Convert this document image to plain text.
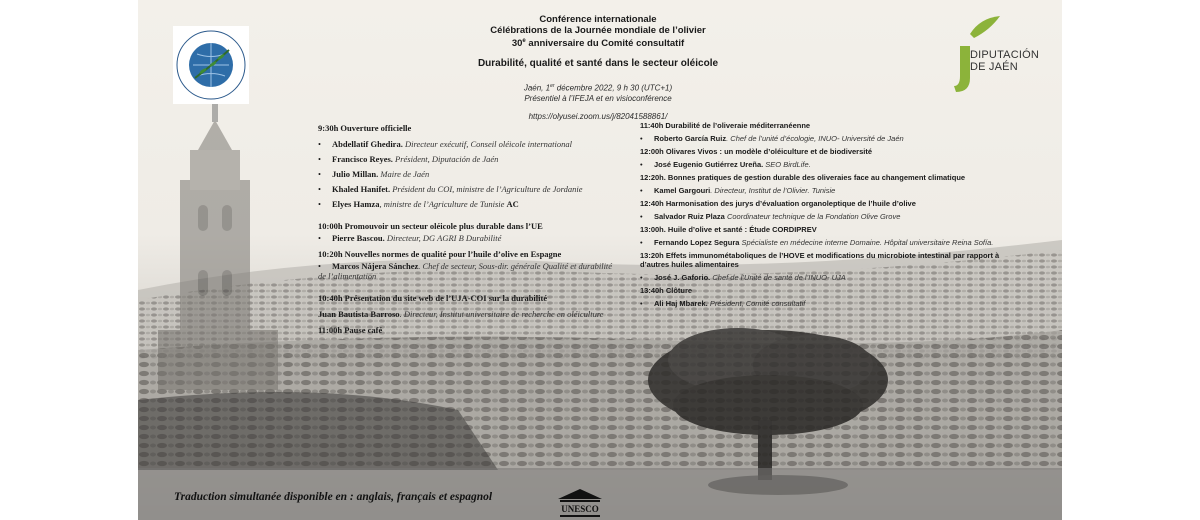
DIPUTACIÓN
DE JAÉN
Conférence internationale
Célébrations de la Journée mondiale de l’olivier
30e anniversaire du Comité consultatif
Durabilité, qualité et santé dans le secteur oléicole
Jaén, 1er décembre 2022, 9 h 30 (UTC+1)
Présentiel à l’IFEJA et en visioconférence
https://olyusei.zoom.us/j/82041588861/
9:30h Ouverture officielle
• Abdellatif Ghedira. Directeur exécutif, Conseil oléicole international
• Francisco Reyes. Président, Diputación de Jaén
• Julio Millan. Maire de Jaén
• Khaled Hanifet. Président du COI, ministre de l’Agriculture de Jordanie
• Elyes Hamza, ministre de l’Agriculture de Tunisie AC
10:00h Promouvoir un secteur oléicole plus durable dans l’UE
• Pierre Bascou. Directeur, DG AGRI B Durabilité
10:20h Nouvelles normes de qualité pour l’huile d’olive en Espagne
• Marcos Nájera Sánchez. Chef de secteur, Sous-dir. générale Qualité et durabilité de l’alimentation
10:40h Présentation du site web de l’UJA-COI sur la durabilité
Juan Bautista Barroso. Directeur, Institut universitaire de recherche en oléiculture
11:00h Pause café
11:40h Durabilité de l’oliveraie méditerranéenne
• Roberto García Ruiz. Chef de l’unité d’écologie, INUO- Université de Jaén
12:00h Olivares Vivos : un modèle d’oléiculture et de biodiversité
• José Eugenio Gutiérrez Ureña. SEO BirdLife.
12:20h. Bonnes pratiques de gestion durable des oliveraies face au changement climatique
• Kamel Gargouri. Directeur, Institut de l’Olivier. Tunisie
12:40h Harmonisation des jurys d’évaluation organoleptique de l’huile d’olive
• Salvador Ruiz Plaza Coordinateur technique de la Fondation Olive Grove
13:00h. Huile d’olive et santé : Étude CORDIPREV
• Fernando Lopez Segura Spécialiste en médecine interne Domaine. Hôpital universitaire Reina Sofía.
13:20h Effets immunométaboliques de l’HOVE et modifications du microbiote intestinal par rapport à d’autres huiles alimentaires
• José J. Gaforio. Chef de l’Unité de santé de l’INUO- UJA
13:40h Clôture
• Ali Haj Mbarek. Président, Comité consultatif
Traduction simultanée disponible en : anglais, français et espagnol
UNESCO
